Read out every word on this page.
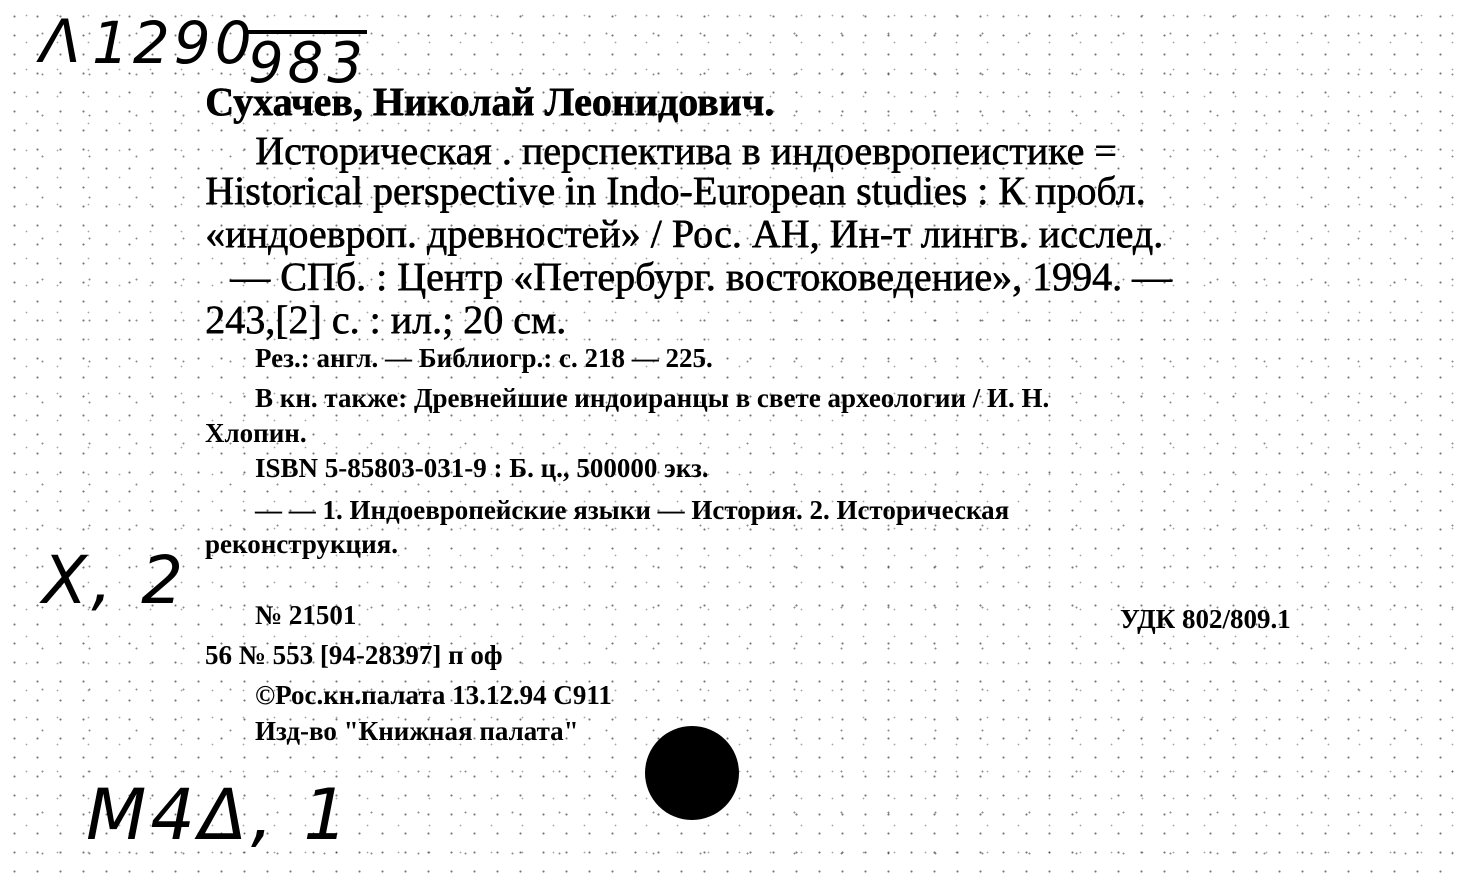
Λ 1290
983
X, 2
M4Δ, 1
Сухачев, Николай Леонидович.
Историческая . перспектива в индоевропеистике =
Historical perspective in Indo-European studies : К пробл.
«индоевроп. древностей» / Рос. АН, Ин-т лингв. исслед.
— СПб. : Центр «Петербург. востоковедение», 1994. —
243,[2] с. : ил.; 20 см.
Рез.: англ. — Библиогр.: с. 218 — 225.
В кн. также: Древнейшие индоиранцы в свете археологии / И. Н.
Хлопин.
ISBN 5-85803-031-9 : Б. ц., 500000 экз.
— — 1. Индоевропейские языки — История. 2. Историческая
реконструкция.
№ 21501	УДК 802/809.1
56 № 553 [94-28397] п оф
©Рос.кн.палата 13.12.94 С911
Изд-во "Книжная палата"
